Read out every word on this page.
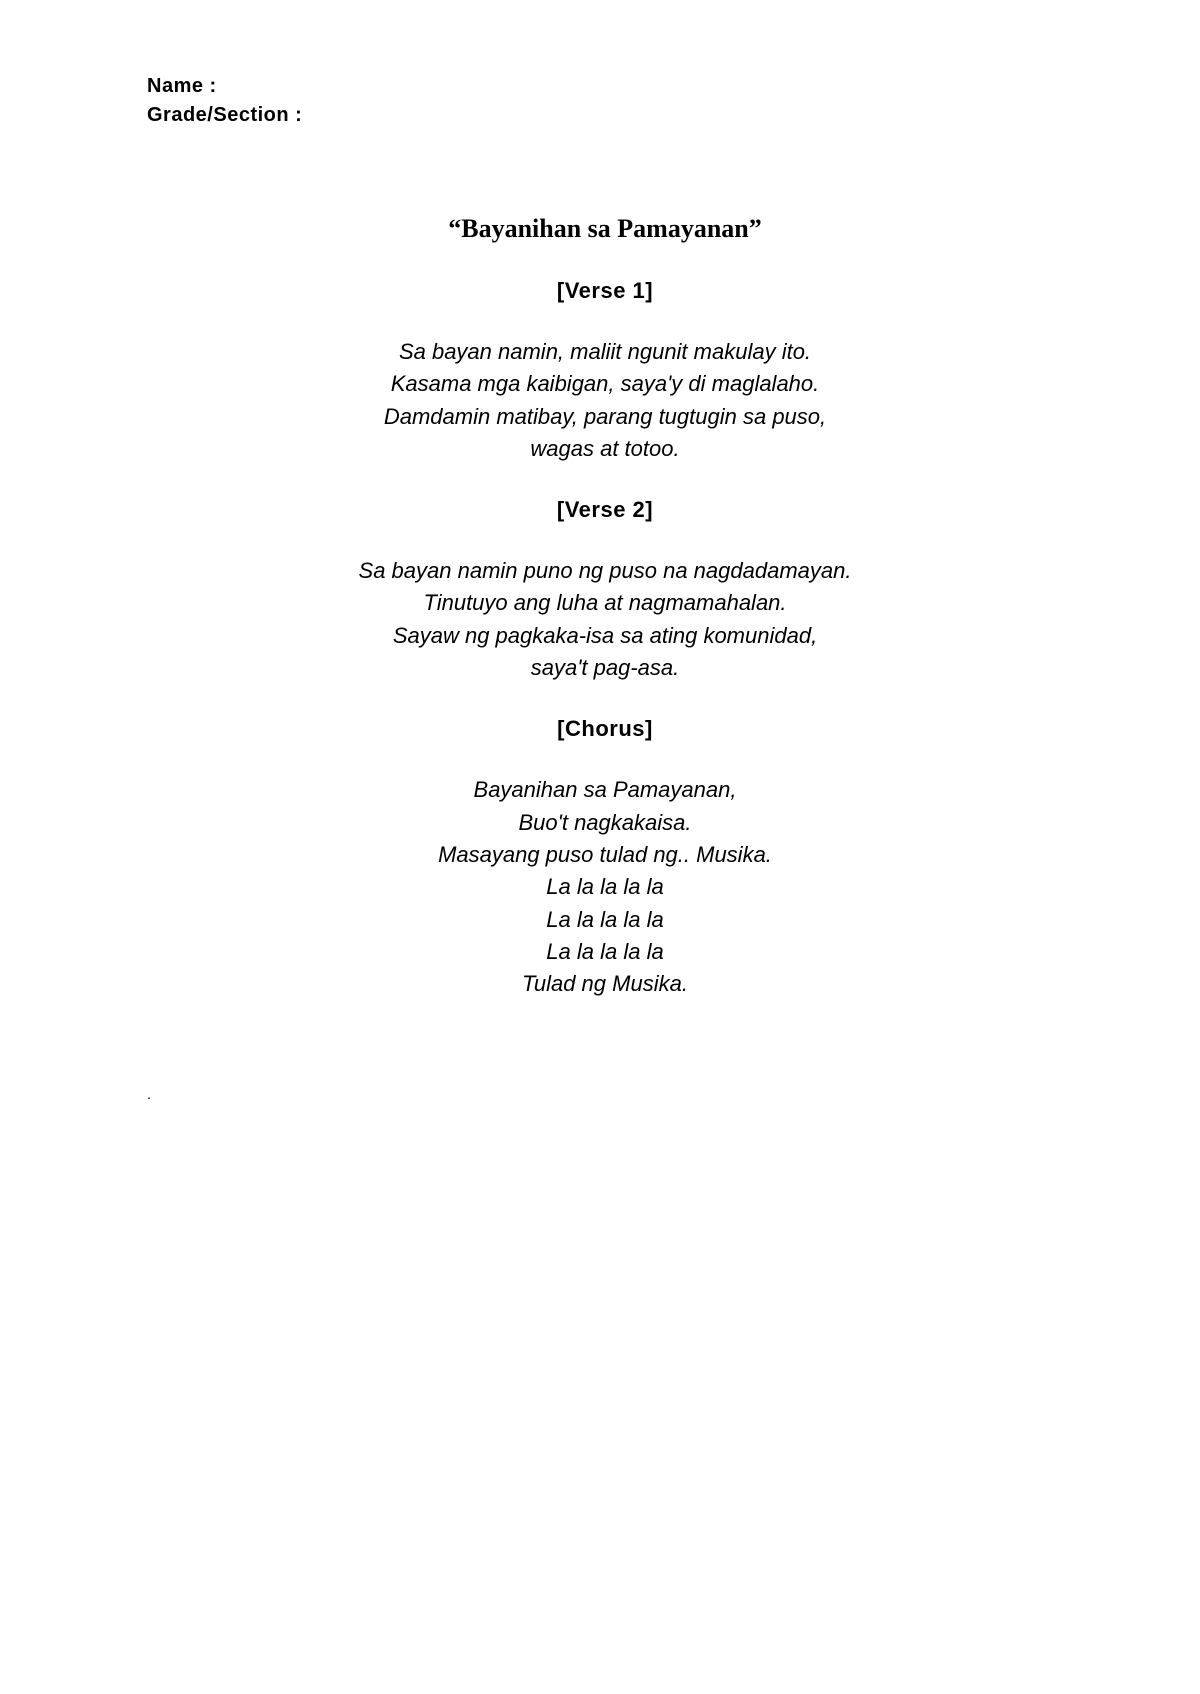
Name :
Grade/Section :
“Bayanihan sa Pamayanan”
[Verse 1]
Sa bayan namin, maliit ngunit makulay ito.
Kasama mga kaibigan, saya'y di maglalaho.
Damdamin matibay, parang tugtugin sa puso,
wagas at totoo.
[Verse 2]
Sa bayan namin puno ng puso na nagdadamayan.
Tinutuyo ang luha at nagmamahalan.
Sayaw ng pagkaka-isa sa ating komunidad,
saya't pag-asa.
[Chorus]
Bayanihan sa Pamayanan,
Buo't nagkakaisa.
Masayang puso tulad ng.. Musika.
La la la la la
La la la la la
La la la la la
Tulad ng Musika.
.
